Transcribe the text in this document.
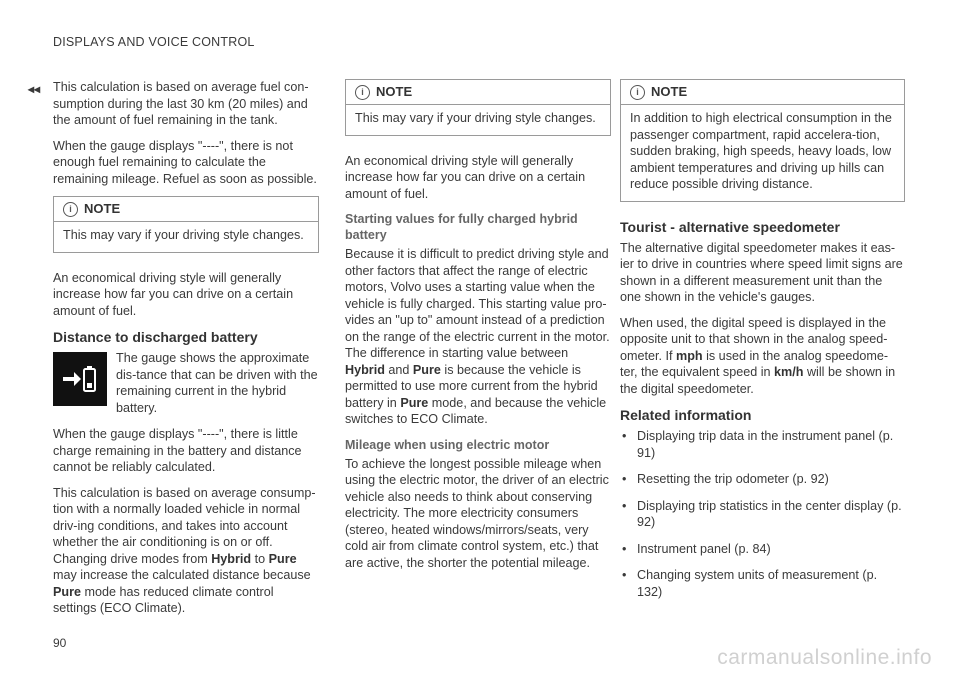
DISPLAYS AND VOICE CONTROL
◂◂ This calculation is based on average fuel con-sumption during the last 30 km (20 miles) and the amount of fuel remaining in the tank.

When the gauge displays "----", there is not enough fuel remaining to calculate the remaining mileage. Refuel as soon as possible.

i NOTE
This may vary if your driving style changes.

An economical driving style will generally increase how far you can drive on a certain amount of fuel.

Distance to discharged battery
The gauge shows the approximate dis-tance that can be driven with the remaining current in the hybrid battery.

When the gauge displays "----", there is little charge remaining in the battery and distance cannot be reliably calculated.

This calculation is based on average consump-tion with a normally loaded vehicle in normal driv-ing conditions, and takes into account whether the air conditioning is on or off. Changing drive modes from Hybrid to Pure may increase the calculated distance because Pure mode has reduced climate control settings (ECO Climate).

i NOTE
This may vary if your driving style changes.

An economical driving style will generally increase how far you can drive on a certain amount of fuel.

Starting values for fully charged hybrid battery

Because it is difficult to predict driving style and other factors that affect the range of electric motors, Volvo uses a starting value when the vehicle is fully charged. This starting value pro-vides an "up to" amount instead of a prediction on the range of the electric current in the motor. The difference in starting value between Hybrid and Pure is because the vehicle is permitted to use more current from the hybrid battery in Pure mode, and because the vehicle switches to ECO Climate.

Mileage when using electric motor

To achieve the longest possible mileage when using the electric motor, the driver of an electric vehicle also needs to think about conserving electricity. The more electricity consumers (stereo, heated windows/mirrors/seats, very cold air from climate control system, etc.) that are active, the shorter the potential mileage.

i NOTE
In addition to high electrical consumption in the passenger compartment, rapid accelera-tion, sudden braking, high speeds, heavy loads, low ambient temperatures and driving up hills can reduce possible driving distance.
Tourist - alternative speedometer

The alternative digital speedometer makes it eas-ier to drive in countries where speed limit signs are shown in a different measurement unit than the one shown in the vehicle's gauges.

When used, the digital speed is displayed in the opposite unit to that shown in the analog speed-ometer. If mph is used in the analog speedome-ter, the equivalent speed in km/h will be shown in the digital speedometer.

Related information
• Displaying trip data in the instrument panel (p. 91)
• Resetting the trip odometer (p. 92)
• Displaying trip statistics in the center display (p. 92)
• Instrument panel (p. 84)
• Changing system units of measurement (p. 132)
90
carmanualsonline.info
